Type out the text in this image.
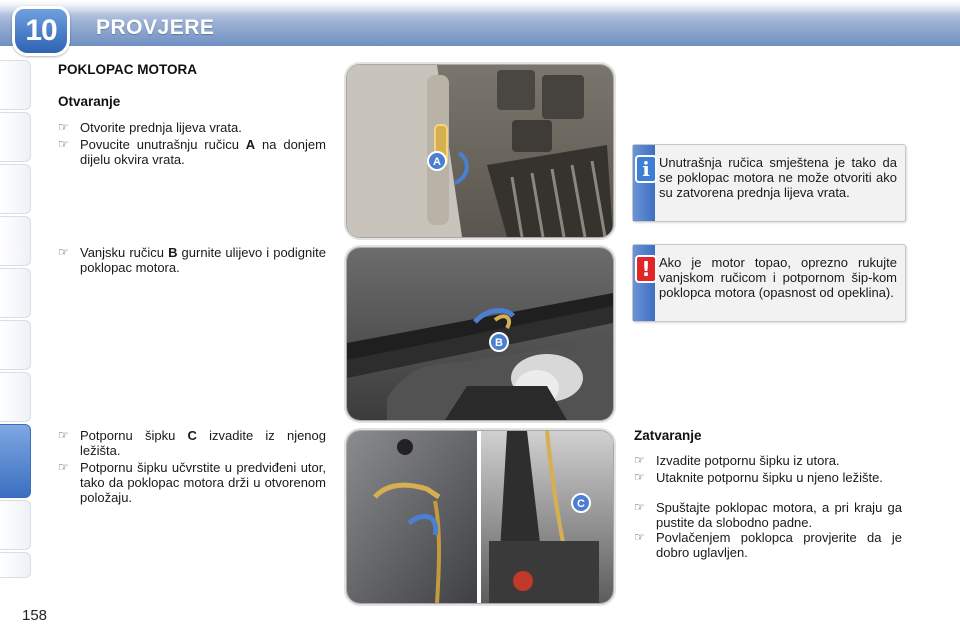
10	PROVJERE
POKLOPAC MOTORA
Otvaranje
☞ Otvorite prednja lijeva vrata.
☞ Povucite unutrašnju ručicu A na donjem dijelu okvira vrata.
☞ Vanjsku ručicu B gurnite ulijevo i podignite poklopac motora.
☞ Potpornu šipku C izvadite iz njenog ležišta.
☞ Potpornu šipku učvrstite u predviđeni utor, tako da poklopac motora drži u otvorenom položaju.
A
B
C
i Unutrašnja ručica smještena je tako da se poklopac motora ne može otvoriti ako su zatvorena prednja lijeva vrata.
! Ako je motor topao, oprezno rukujte vanjskom ručicom i potpornom šip-kom poklopca motora (opasnost od opeklina).
Zatvaranje
☞ Izvadite potpornu šipku iz utora.
☞ Utaknite potpornu šipku u njeno ležište.
☞ Spuštajte poklopac motora, a pri kraju ga pustite da slobodno padne.
☞ Povlačenjem poklopca provjerite da je dobro uglavljen.
158
